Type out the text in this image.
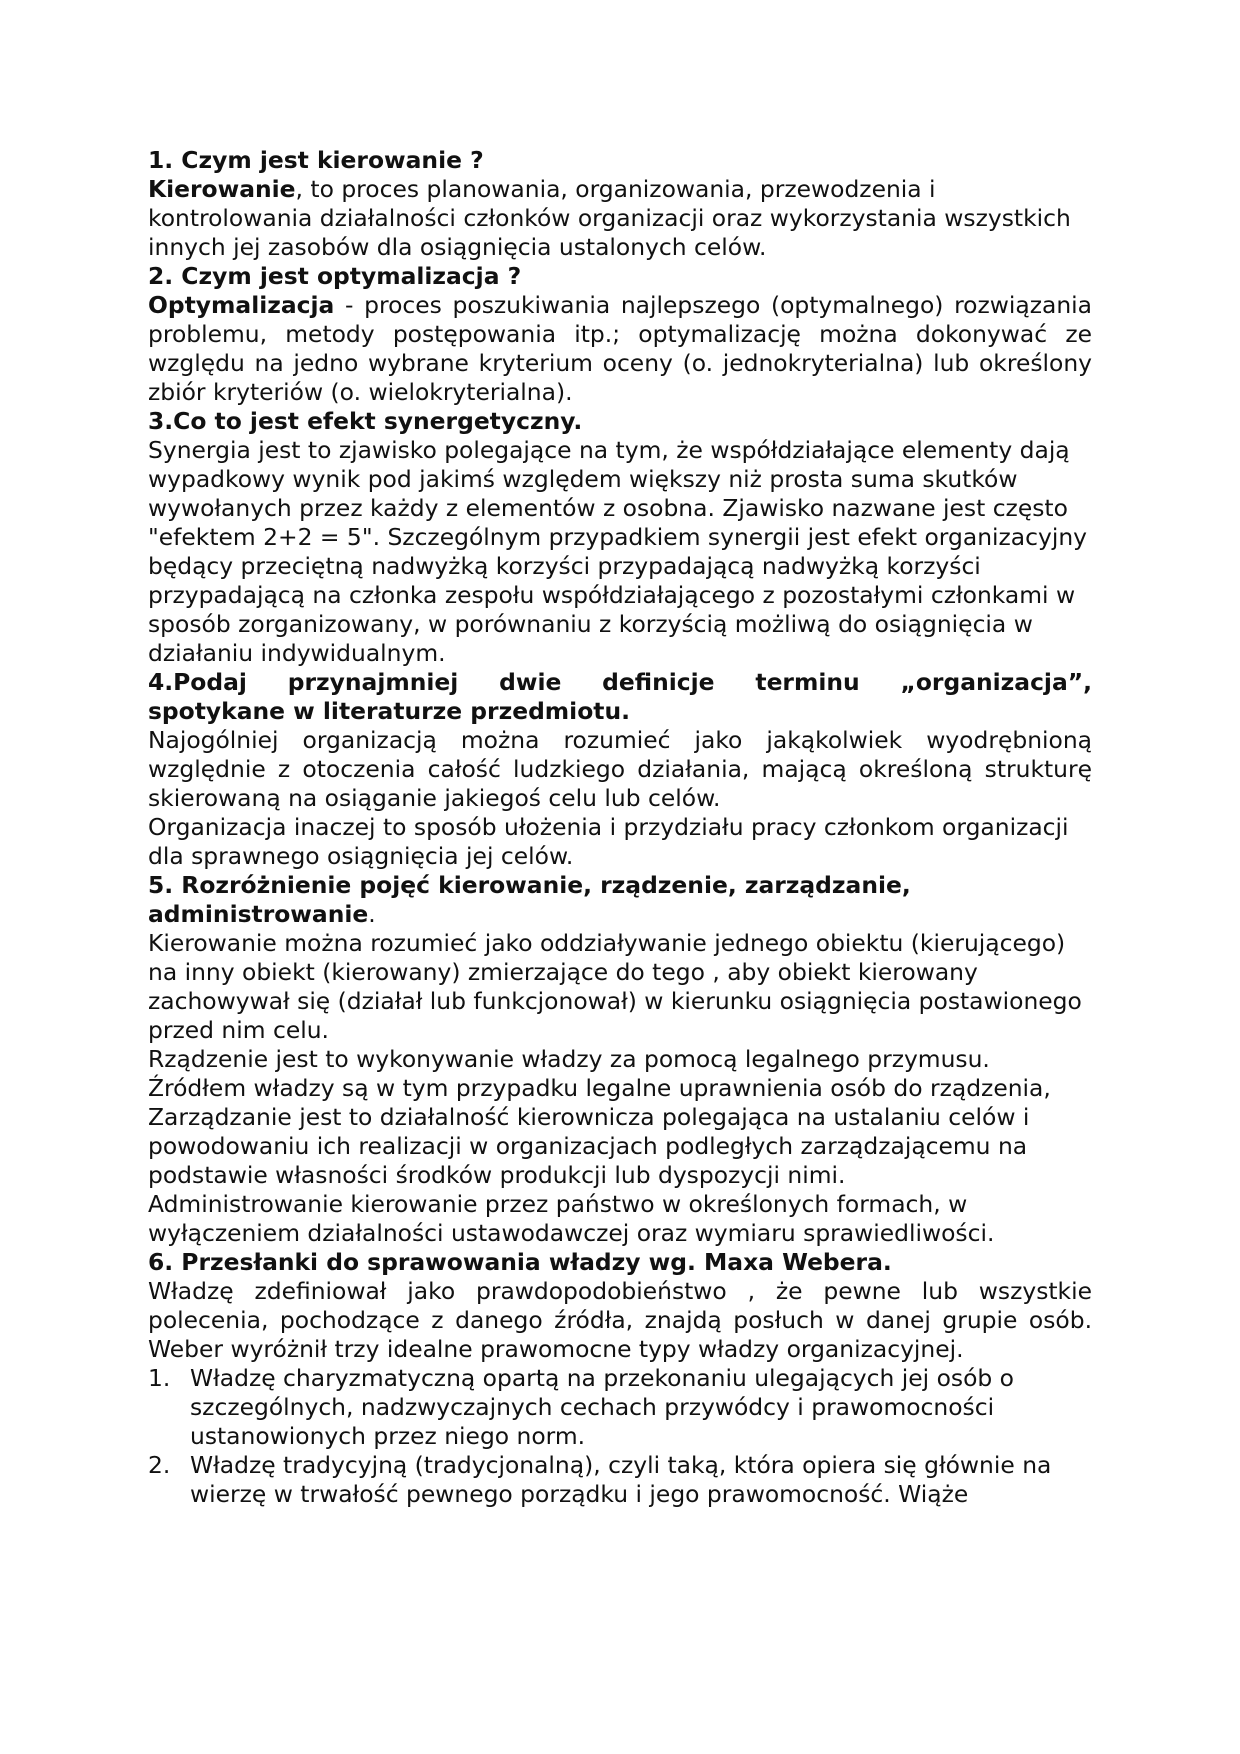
1. Czym jest kierowanie ?

Kierowanie, to proces planowania, organizowania, przewodzenia i kontrolowania działalności członków organizacji oraz wykorzystania wszystkich innych jej zasobów dla osiągnięcia ustalonych celów.

2. Czym jest optymalizacja ?

Optymalizacja - proces poszukiwania najlepszego (optymalnego) rozwiązania problemu, metody postępowania itp.; optymalizację można dokonywać ze względu na jedno wybrane kryterium oceny (o. jednokryterialna) lub określony zbiór kryteriów (o. wielokryterialna).

3.Co to jest efekt synergetyczny.

Synergia jest to zjawisko polegające na tym, że współdziałające elementy dają wypadkowy wynik pod jakimś względem większy niż prosta suma skutków wywołanych przez każdy z elementów z osobna. Zjawisko nazwane jest często "efektem 2+2 = 5". Szczególnym przypadkiem synergii jest efekt organizacyjny będący przeciętną nadwyżką korzyści przypadającą nadwyżką korzyści przypadającą na członka zespołu współdziałającego z pozostałymi członkami w sposób zorganizowany, w porównaniu z korzyścią możliwą do osiągnięcia w działaniu indywidualnym.

4.Podaj przynajmniej dwie definicje terminu „organizacja”,
spotykane w literaturze przedmiotu.

Najogólniej organizacją można rozumieć jako jakąkolwiek wyodrębnioną względnie z otoczenia całość ludzkiego działania, mającą określoną strukturę skierowaną na osiąganie jakiegoś celu lub celów.

Organizacja inaczej to sposób ułożenia i przydziału pracy członkom organizacji dla sprawnego osiągnięcia jej celów.

5. Rozróżnienie pojęć kierowanie, rządzenie, zarządzanie, administrowanie.

Kierowanie można rozumieć jako oddziaływanie jednego obiektu (kierującego) na inny obiekt (kierowany) zmierzające do tego , aby obiekt kierowany zachowywał się (działał lub funkcjonował) w kierunku osiągnięcia postawionego przed nim celu.

Rządzenie jest to wykonywanie władzy za pomocą legalnego przymusu. Źródłem władzy są w tym przypadku legalne uprawnienia osób do rządzenia,

Zarządzanie jest to działalność kierownicza polegająca na ustalaniu celów i powodowaniu ich realizacji w organizacjach podległych zarządzającemu na podstawie własności środków produkcji lub dyspozycji nimi.

Administrowanie kierowanie przez państwo w określonych formach, w wyłączeniem działalności ustawodawczej oraz wymiaru sprawiedliwości.

6. Przesłanki do sprawowania władzy wg. Maxa Webera.

Władzę zdefiniował jako prawdopodobieństwo , że pewne lub wszystkie polecenia, pochodzące z danego źródła, znajdą posłuch w danej grupie osób. Weber wyróżnił trzy idealne prawomocne typy władzy organizacyjnej.

1. Władzę charyzmatyczną opartą na przekonaniu ulegających jej osób o szczególnych, nadzwyczajnych cechach przywódcy i prawomocności ustanowionych przez niego norm.
2. Władzę tradycyjną (tradycjonalną), czyli taką, która opiera się głównie na wierzę w trwałość pewnego porządku i jego prawomocność. Wiąże
